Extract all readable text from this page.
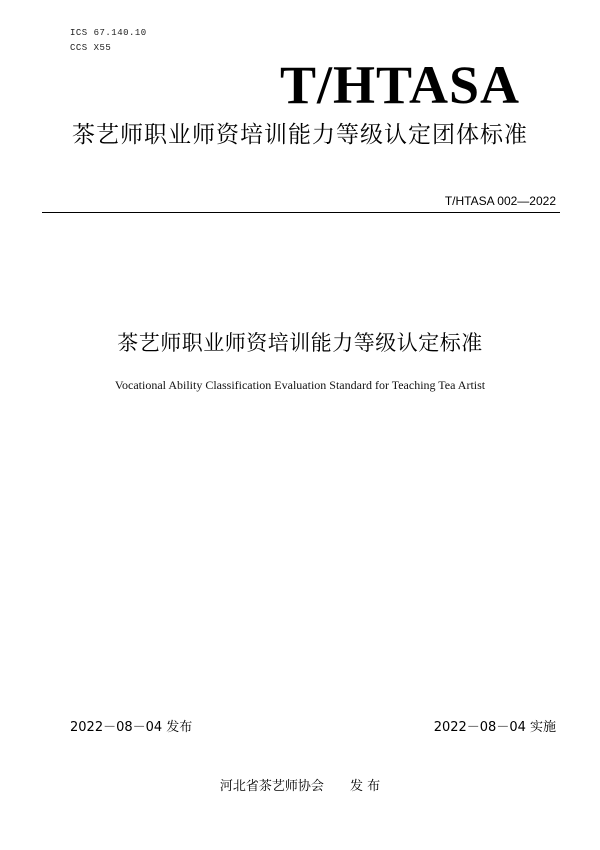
ICS 67.140.10
CCS X55
T/HTASA
茶艺师职业师资培训能力等级认定团体标准
T/HTASA 002—2022
茶艺师职业师资培训能力等级认定标准
Vocational Ability Classification Evaluation Standard for Teaching Tea Artist
2022－08－04 发布	2022－08－04 实施
河北省茶艺师协会 发 布
